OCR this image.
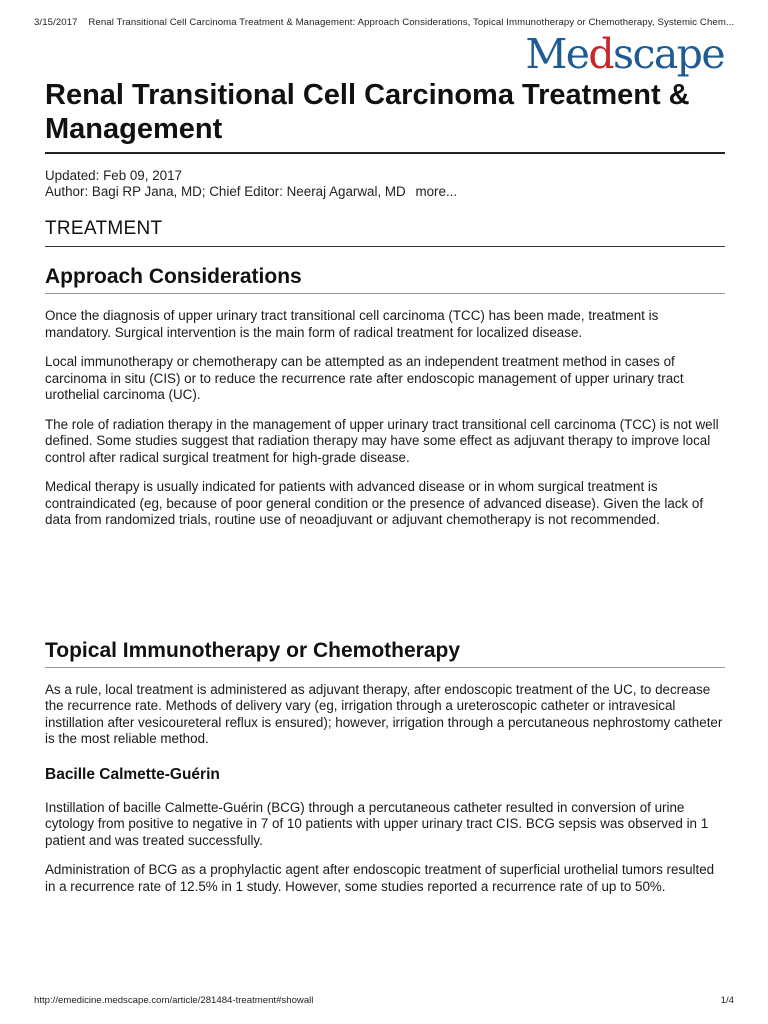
3/15/2017 Renal Transitional Cell Carcinoma Treatment & Management: Approach Considerations, Topical Immunotherapy or Chemotherapy, Systemic Chem...
Medscape
Renal Transitional Cell Carcinoma Treatment & Management
Updated: Feb 09, 2017
Author: Bagi RP Jana, MD; Chief Editor: Neeraj Agarwal, MD more...
TREATMENT
Approach Considerations

Once the diagnosis of upper urinary tract transitional cell carcinoma (TCC) has been made, treatment is mandatory. Surgical intervention is the main form of radical treatment for localized disease.

Local immunotherapy or chemotherapy can be attempted as an independent treatment method in cases of carcinoma in situ (CIS) or to reduce the recurrence rate after endoscopic management of upper urinary tract urothelial carcinoma (UC).

The role of radiation therapy in the management of upper urinary tract transitional cell carcinoma (TCC) is not well defined. Some studies suggest that radiation therapy may have some effect as adjuvant therapy to improve local control after radical surgical treatment for high-grade disease.

Medical therapy is usually indicated for patients with advanced disease or in whom surgical treatment is contraindicated (eg, because of poor general condition or the presence of advanced disease). Given the lack of data from randomized trials, routine use of neoadjuvant or adjuvant chemotherapy is not recommended.

Topical Immunotherapy or Chemotherapy

As a rule, local treatment is administered as adjuvant therapy, after endoscopic treatment of the UC, to decrease the recurrence rate. Methods of delivery vary (eg, irrigation through a ureteroscopic catheter or intravesical instillation after vesicoureteral reflux is ensured); however, irrigation through a percutaneous nephrostomy catheter is the most reliable method.

Bacille Calmette-Guérin

Instillation of bacille Calmette-Guérin (BCG) through a percutaneous catheter resulted in conversion of urine cytology from positive to negative in 7 of 10 patients with upper urinary tract CIS. BCG sepsis was observed in 1 patient and was treated successfully.

Administration of BCG as a prophylactic agent after endoscopic treatment of superficial urothelial tumors resulted in a recurrence rate of 12.5% in 1 study. However, some studies reported a recurrence rate of up to 50%.

http://emedicine.medscape.com/article/281484-treatment#showall	1/4
